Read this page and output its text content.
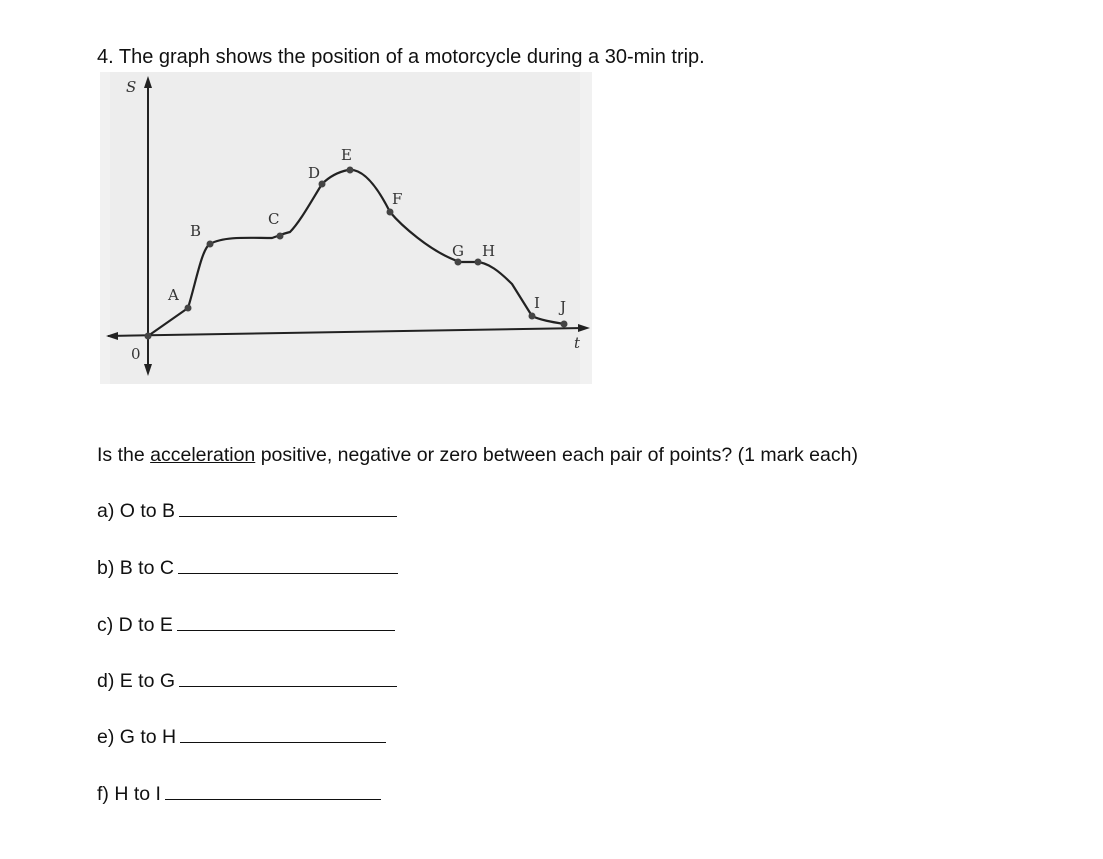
4. The graph shows the position of a motorcycle during a 30-min trip.
S
t
0
A
B
C
D
E
F
G H
I J
Is the acceleration positive, negative or zero between each pair of points? (1 mark each)
a) O to B
b) B to C
c) D to E
d) E to G
e) G to H
f) H to I
